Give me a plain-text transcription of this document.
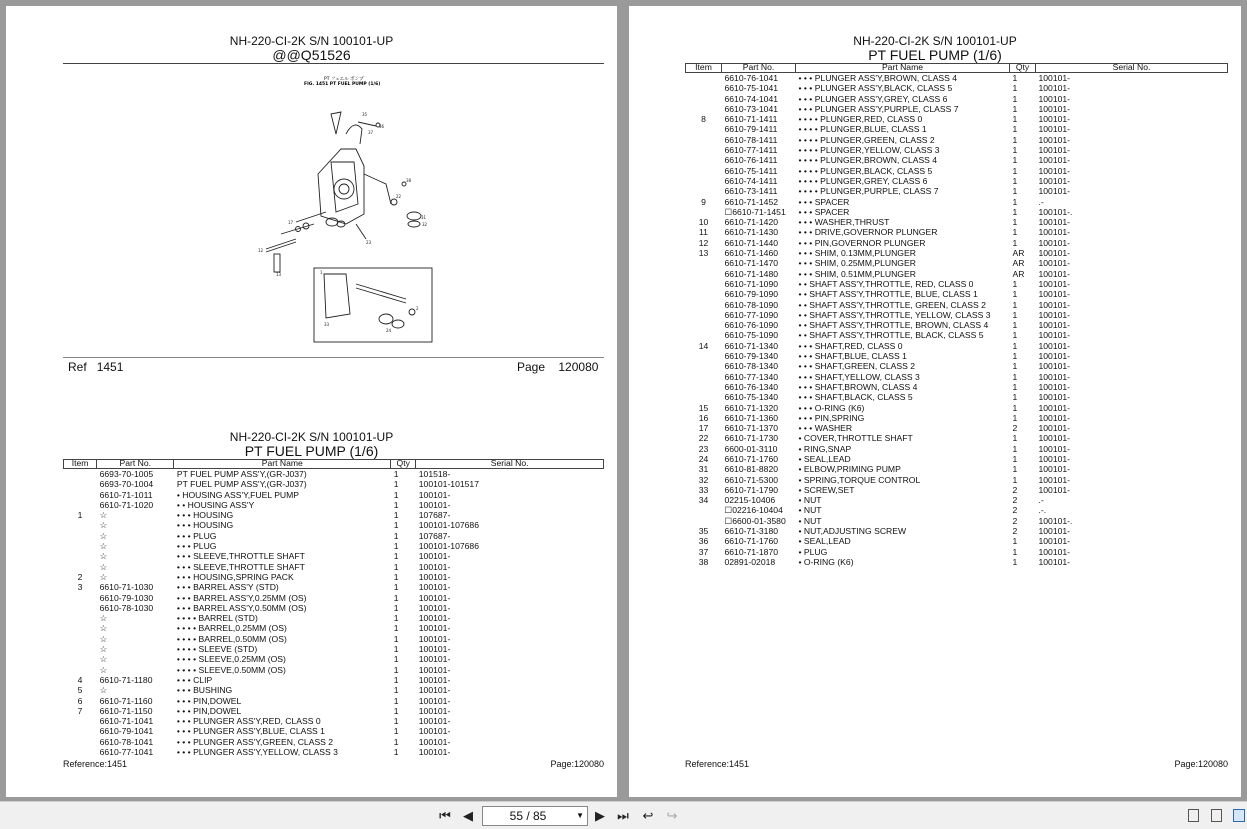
NH-220-CI-2K S/N 100101-UP
@@Q51526
PT フェエル ポンプ
FIG. 1451 PT FUEL PUMP (1/6)
36
35
37
38
22
31
32
23
13
12
17
1
2
24
33
Ref 1451	Page 120080
NH-220-CI-2K S/N 100101-UP
PT FUEL PUMP (1/6)
Item	Part No.	Part Name	Qty	Serial No.
	6693-70-1005	PT FUEL PUMP ASS'Y,(GR-J037)	1	101518-
	6693-70-1004	PT FUEL PUMP ASS'Y,(GR-J037)	1	100101-101517
	6610-71-1011	• HOUSING ASS'Y,FUEL PUMP	1	100101-
	6610-71-1020	• • HOUSING ASS'Y	1	100101-
1	☆	• • • HOUSING	1	107687-
	☆	• • • HOUSING	1	100101-107686
	☆	• • • PLUG	1	107687-
	☆	• • • PLUG	1	100101-107686
	☆	• • • SLEEVE,THROTTLE SHAFT	1	100101-
	☆	• • • SLEEVE,THROTTLE SHAFT	1	100101-
2	☆	• • • HOUSING,SPRING PACK	1	100101-
3	6610-71-1030	• • • BARREL ASS'Y (STD)	1	100101-
	6610-79-1030	• • • BARREL ASS'Y,0.25MM (OS)	1	100101-
	6610-78-1030	• • • BARREL ASS'Y,0.50MM (OS)	1	100101-
	☆	• • • • BARREL (STD)	1	100101-
	☆	• • • • BARREL,0.25MM (OS)	1	100101-
	☆	• • • • BARREL,0.50MM (OS)	1	100101-
	☆	• • • • SLEEVE (STD)	1	100101-
	☆	• • • • SLEEVE,0.25MM (OS)	1	100101-
	☆	• • • • SLEEVE,0.50MM (OS)	1	100101-
4	6610-71-1180	• • • CLIP	1	100101-
5	☆	• • • BUSHING	1	100101-
6	6610-71-1160	• • • PIN,DOWEL	1	100101-
7	6610-71-1150	• • • PIN,DOWEL	1	100101-
	6610-71-1041	• • • PLUNGER ASS'Y,RED, CLASS 0	1	100101-
	6610-79-1041	• • • PLUNGER ASS'Y,BLUE, CLASS 1	1	100101-
	6610-78-1041	• • • PLUNGER ASS'Y,GREEN, CLASS 2	1	100101-
	6610-77-1041	• • • PLUNGER ASS'Y,YELLOW, CLASS 3	1	100101-
Reference:1451	Page:120080
NH-220-CI-2K S/N 100101-UP
PT FUEL PUMP (1/6)
Item	Part No.	Part Name	Qty	Serial No.
	6610-76-1041	• • • PLUNGER ASS'Y,BROWN, CLASS 4	1	100101-
	6610-75-1041	• • • PLUNGER ASS'Y,BLACK, CLASS 5	1	100101-
	6610-74-1041	• • • PLUNGER ASS'Y,GREY, CLASS 6	1	100101-
	6610-73-1041	• • • PLUNGER ASS'Y,PURPLE, CLASS 7	1	100101-
8	6610-71-1411	• • • • PLUNGER,RED, CLASS 0	1	100101-
	6610-79-1411	• • • • PLUNGER,BLUE, CLASS 1	1	100101-
	6610-78-1411	• • • • PLUNGER,GREEN, CLASS 2	1	100101-
	6610-77-1411	• • • • PLUNGER,YELLOW, CLASS 3	1	100101-
	6610-76-1411	• • • • PLUNGER,BROWN, CLASS 4	1	100101-
	6610-75-1411	• • • • PLUNGER,BLACK, CLASS 5	1	100101-
	6610-74-1411	• • • • PLUNGER,GREY, CLASS 6	1	100101-
	6610-73-1411	• • • • PLUNGER,PURPLE, CLASS 7	1	100101-
9	6610-71-1452	• • • SPACER	1	.-
	☐6610-71-1451	• • • SPACER	1	100101-.
10	6610-71-1420	• • • WASHER,THRUST	1	100101-
11	6610-71-1430	• • • DRIVE,GOVERNOR PLUNGER	1	100101-
12	6610-71-1440	• • • PIN,GOVERNOR PLUNGER	1	100101-
13	6610-71-1460	• • • SHIM, 0.13MM,PLUNGER	AR	100101-
	6610-71-1470	• • • SHIM, 0.25MM,PLUNGER	AR	100101-
	6610-71-1480	• • • SHIM, 0.51MM,PLUNGER	AR	100101-
	6610-71-1090	• • SHAFT ASS'Y,THROTTLE, RED, CLASS 0	1	100101-
	6610-79-1090	• • SHAFT ASS'Y,THROTTLE, BLUE, CLASS 1	1	100101-
	6610-78-1090	• • SHAFT ASS'Y,THROTTLE, GREEN, CLASS 2	1	100101-
	6610-77-1090	• • SHAFT ASS'Y,THROTTLE, YELLOW, CLASS 3	1	100101-
	6610-76-1090	• • SHAFT ASS'Y,THROTTLE, BROWN, CLASS 4	1	100101-
	6610-75-1090	• • SHAFT ASS'Y,THROTTLE, BLACK, CLASS 5	1	100101-
14	6610-71-1340	• • • SHAFT,RED, CLASS 0	1	100101-
	6610-79-1340	• • • SHAFT,BLUE, CLASS 1	1	100101-
	6610-78-1340	• • • SHAFT,GREEN, CLASS 2	1	100101-
	6610-77-1340	• • • SHAFT,YELLOW, CLASS 3	1	100101-
	6610-76-1340	• • • SHAFT,BROWN, CLASS 4	1	100101-
	6610-75-1340	• • • SHAFT,BLACK, CLASS 5	1	100101-
15	6610-71-1320	• • • O-RING (K6)	1	100101-
16	6610-71-1360	• • • PIN,SPRING	1	100101-
17	6610-71-1370	• • • WASHER	2	100101-
22	6610-71-1730	• COVER,THROTTLE SHAFT	1	100101-
23	6600-01-3110	• RING,SNAP	1	100101-
24	6610-71-1760	• SEAL,LEAD	1	100101-
31	6610-81-8820	• ELBOW,PRIMING PUMP	1	100101-
32	6610-71-5300	• SPRING,TORQUE CONTROL	1	100101-
33	6610-71-1790	• SCREW,SET	2	100101-
34	02215-10406	• NUT	2	.-
	☐02216-10404	• NUT	2	.-.
	☐6600-01-3580	• NUT	2	100101-.
35	6610-71-3180	• NUT,ADJUSTING SCREW	2	100101-
36	6610-71-1760	• SEAL,LEAD	1	100101-
37	6610-71-1870	• PLUG	1	100101-
38	02891-02018	• O-RING (K6)	1	100101-
Reference:1451	Page:120080
⏮ ◀	55 / 85	▼ ▶ ⏭ ↩ ↪
